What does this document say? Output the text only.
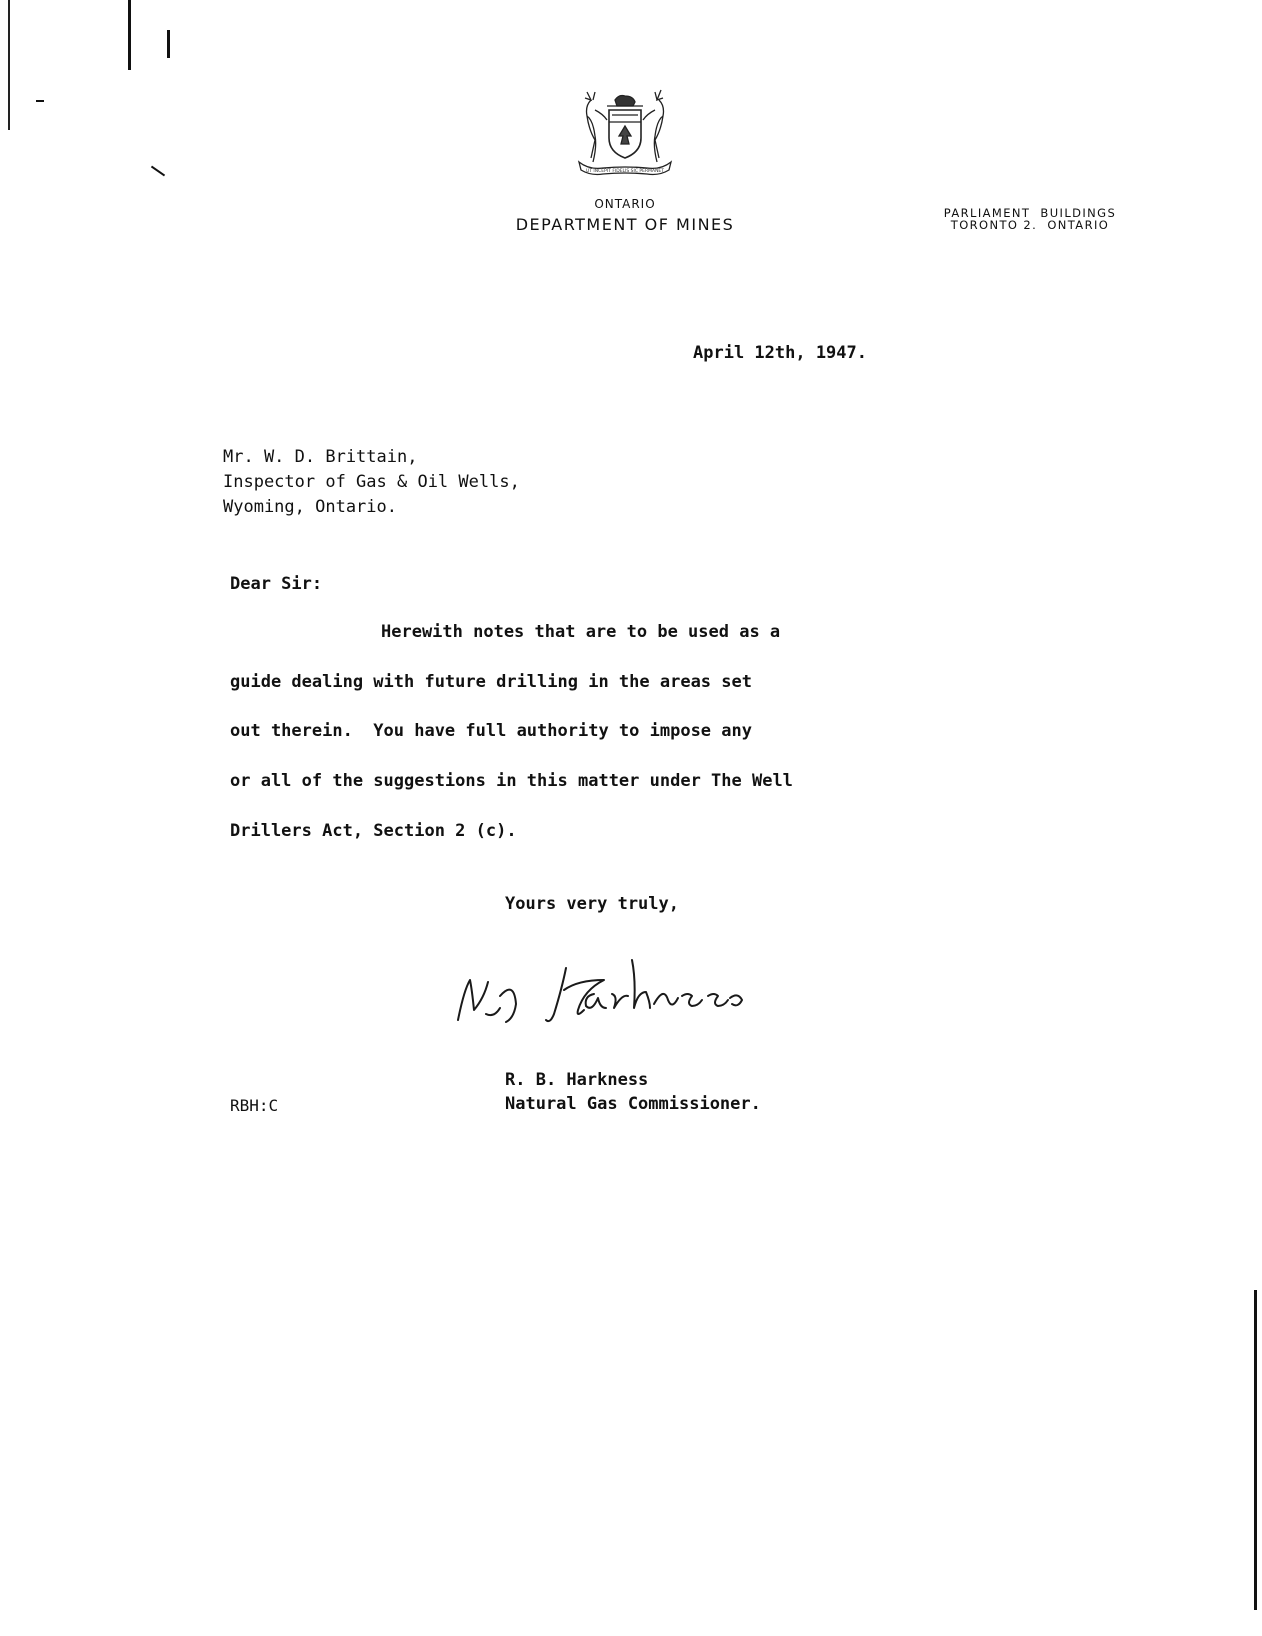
UT INCEPIT FIDELIS SIC PERMANET
ONTARIO
DEPARTMENT OF MINES
PARLIAMENT  BUILDINGS
TORONTO 2.  ONTARIO
April 12th, 1947.
Mr. W. D. Brittain,
Inspector of Gas & Oil Wells,
Wyoming, Ontario.
Dear Sir:
Herewith notes that are to be used as a
guide dealing with future drilling in the areas set
out therein.  You have full authority to impose any
or all of the suggestions in this matter under The Well
Drillers Act, Section 2 (c).
Yours very truly,
R. B. Harkness
Natural Gas Commissioner.
RBH:C
